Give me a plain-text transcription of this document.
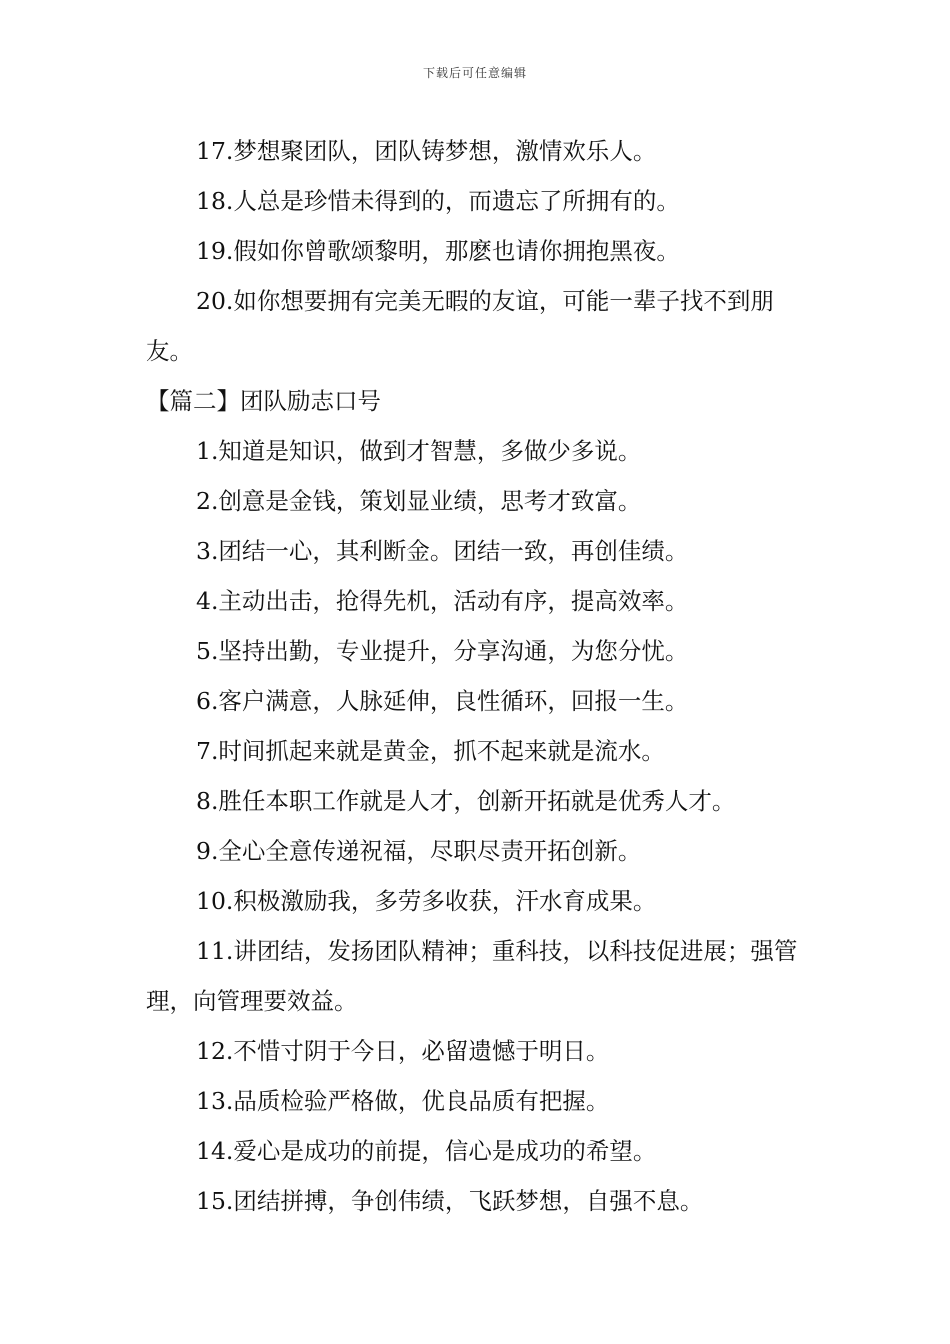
下载后可任意编辑

17.梦想聚团队，团队铸梦想，激情欢乐人。

18.人总是珍惜未得到的，而遗忘了所拥有的。

19.假如你曾歌颂黎明，那麽也请你拥抱黑夜。

20.如你想要拥有完美无暇的友谊，可能一辈子找不到朋友。

【篇二】团队励志口号

1.知道是知识，做到才智慧，多做少多说。

2.创意是金钱，策划显业绩，思考才致富。

3.团结一心，其利断金。团结一致，再创佳绩。

4.主动出击，抢得先机，活动有序，提高效率。

5.坚持出勤，专业提升，分享沟通，为您分忧。

6.客户满意，人脉延伸，良性循环，回报一生。

7.时间抓起来就是黄金，抓不起来就是流水。

8.胜任本职工作就是人才，创新开拓就是优秀人才。

9.全心全意传递祝福，尽职尽责开拓创新。

10.积极激励我，多劳多收获，汗水育成果。

11.讲团结，发扬团队精神；重科技，以科技促进展；强管理，向管理要效益。

12.不惜寸阴于今日，必留遗憾于明日。

13.品质检验严格做，优良品质有把握。

14.爱心是成功的前提，信心是成功的希望。

15.团结拼搏，争创伟绩，飞跃梦想，自强不息。
